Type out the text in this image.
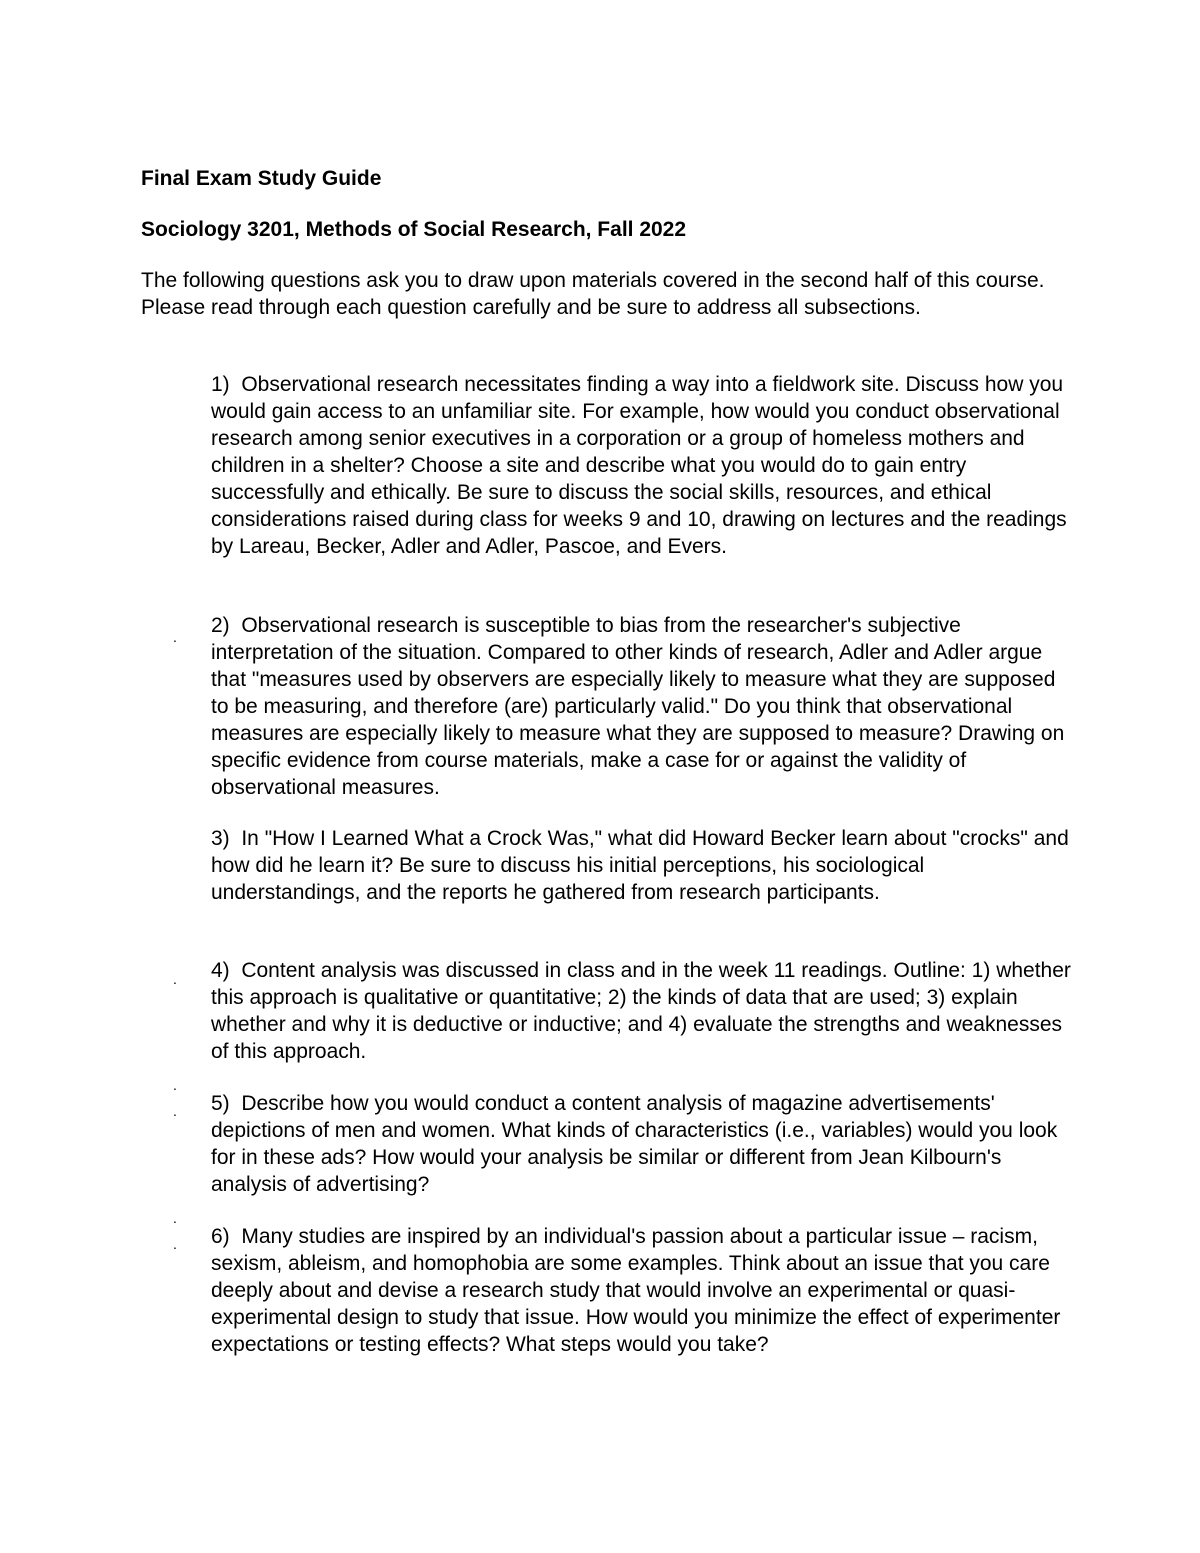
Final Exam Study Guide
Sociology 3201, Methods of Social Research, Fall 2022

The following questions ask you to draw upon materials covered in the second half of this course. Please read through each question carefully and be sure to address all subsections.

1)  Observational research necessitates finding a way into a fieldwork site. Discuss how you would gain access to an unfamiliar site. For example, how would you conduct observational research among senior executives in a corporation or a group of homeless mothers and children in a shelter? Choose a site and describe what you would do to gain entry successfully and ethically. Be sure to discuss the social skills, resources, and ethical considerations raised during class for weeks 9 and 10, drawing on lectures and the readings by Lareau, Becker, Adler and Adler, Pascoe, and Evers.

. 2)  Observational research is susceptible to bias from the researcher's subjective interpretation of the situation. Compared to other kinds of research, Adler and Adler argue that "measures used by observers are especially likely to measure what they are supposed to be measuring, and therefore (are) particularly valid." Do you think that observational measures are especially likely to measure what they are supposed to measure? Drawing on specific evidence from course materials, make a case for or against the validity of observational measures.

3)  In "How I Learned What a Crock Was," what did Howard Becker learn about "crocks" and how did he learn it? Be sure to discuss his initial perceptions, his sociological understandings, and the reports he gathered from research participants.

. 4)  Content analysis was discussed in class and in the week 11 readings. Outline: 1) whether this approach is qualitative or quantitative; 2) the kinds of data that are used; 3) explain whether and why it is deductive or inductive; and 4) evaluate the strengths and weaknesses of this approach.

.
. 5)  Describe how you would conduct a content analysis of magazine advertisements' depictions of men and women. What kinds of characteristics (i.e., variables) would you look for in these ads? How would your analysis be similar or different from Jean Kilbourn's analysis of advertising?

.
. 6)  Many studies are inspired by an individual's passion about a particular issue – racism, sexism, ableism, and homophobia are some examples. Think about an issue that you care deeply about and devise a research study that would involve an experimental or quasi-experimental design to study that issue. How would you minimize the effect of experimenter expectations or testing effects? What steps would you take?
